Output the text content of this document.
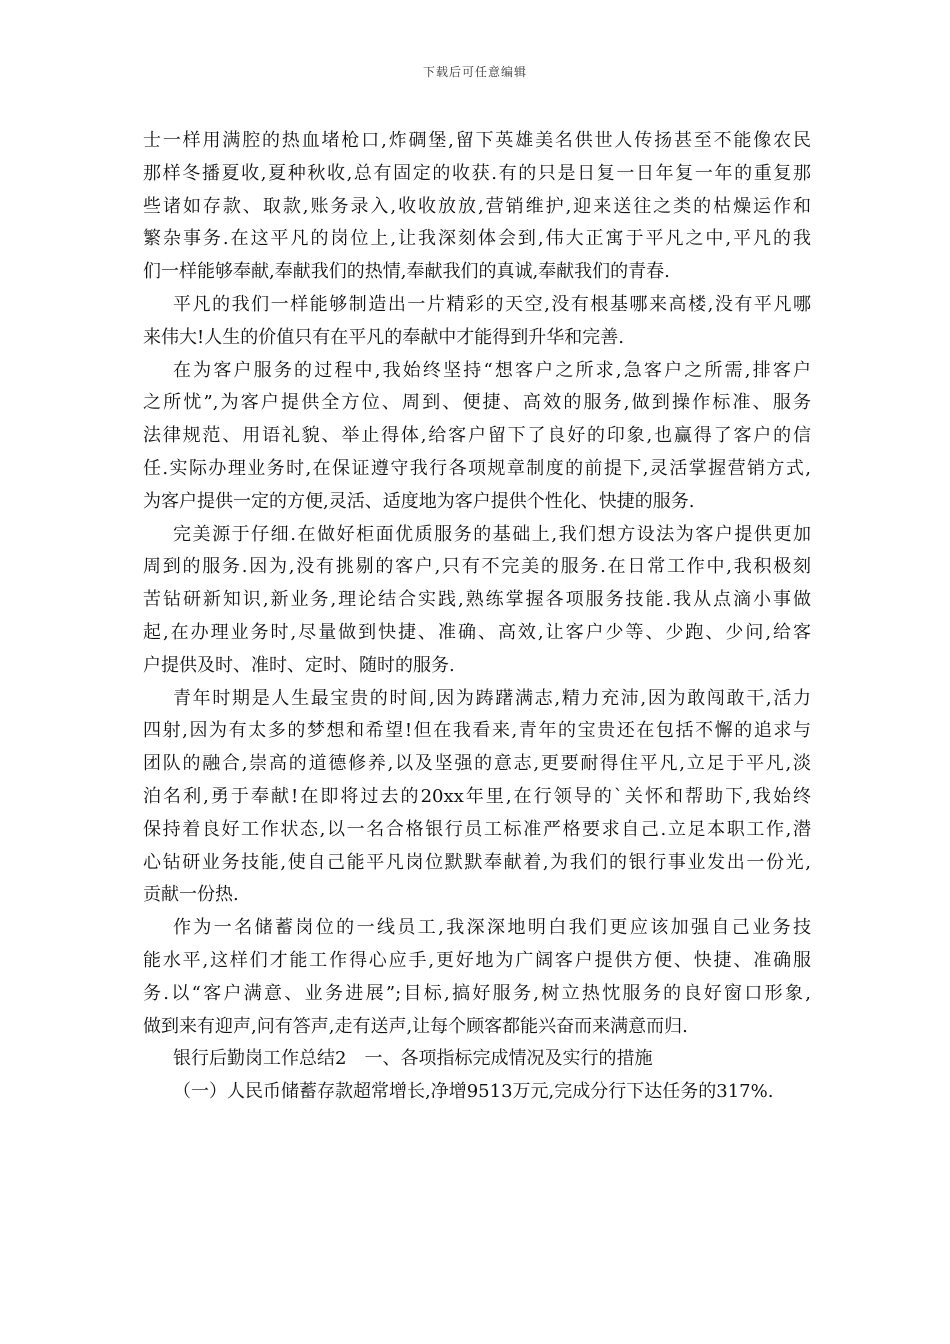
下载后可任意编辑
士一样用满腔的热血堵枪口,炸碉堡,留下英雄美名供世人传扬甚至不能像农民
那样冬播夏收,夏种秋收,总有固定的收获.有的只是日复一日年复一年的重复那
些诸如存款、取款,账务录入,收收放放,营销维护,迎来送往之类的枯燥运作和
繁杂事务.在这平凡的岗位上,让我深刻体会到,伟大正寓于平凡之中,平凡的我
们一样能够奉献,奉献我们的热情,奉献我们的真诚,奉献我们的青春.
平凡的我们一样能够制造出一片精彩的天空,没有根基哪来高楼,没有平凡哪
来伟大!人生的价值只有在平凡的奉献中才能得到升华和完善.
在为客户服务的过程中,我始终坚持“想客户之所求,急客户之所需,排客户
之所忧”,为客户提供全方位、周到、便捷、高效的服务,做到操作标准、服务
法律规范、用语礼貌、举止得体,给客户留下了良好的印象,也赢得了客户的信
任.实际办理业务时,在保证遵守我行各项规章制度的前提下,灵活掌握营销方式,
为客户提供一定的方便,灵活、适度地为客户提供个性化、快捷的服务.
完美源于仔细.在做好柜面优质服务的基础上,我们想方设法为客户提供更加
周到的服务.因为,没有挑剔的客户,只有不完美的服务.在日常工作中,我积极刻
苦钻研新知识,新业务,理论结合实践,熟练掌握各项服务技能.我从点滴小事做
起,在办理业务时,尽量做到快捷、准确、高效,让客户少等、少跑、少问,给客
户提供及时、准时、定时、随时的服务.
青年时期是人生最宝贵的时间,因为踌躇满志,精力充沛,因为敢闯敢干,活力
四射,因为有太多的梦想和希望!但在我看来,青年的宝贵还在包括不懈的追求与
团队的融合,崇高的道德修养,以及坚强的意志,更要耐得住平凡,立足于平凡,淡
泊名利,勇于奉献!在即将过去的20xx年里,在行领导的`关怀和帮助下,我始终
保持着良好工作状态,以一名合格银行员工标准严格要求自己.立足本职工作,潜
心钻研业务技能,使自己能平凡岗位默默奉献着,为我们的银行事业发出一份光,
贡献一份热.
作为一名储蓄岗位的一线员工,我深深地明白我们更应该加强自己业务技
能水平,这样们才能工作得心应手,更好地为广阔客户提供方便、快捷、准确服
务.以“客户满意、业务进展”;目标,搞好服务,树立热忱服务的良好窗口形象,
做到来有迎声,问有答声,走有送声,让每个顾客都能兴奋而来满意而归.
银行后勤岗工作总结2　一、各项指标完成情况及实行的措施
（一）人民币储蓄存款超常增长,净增9513万元,完成分行下达任务的317%.
